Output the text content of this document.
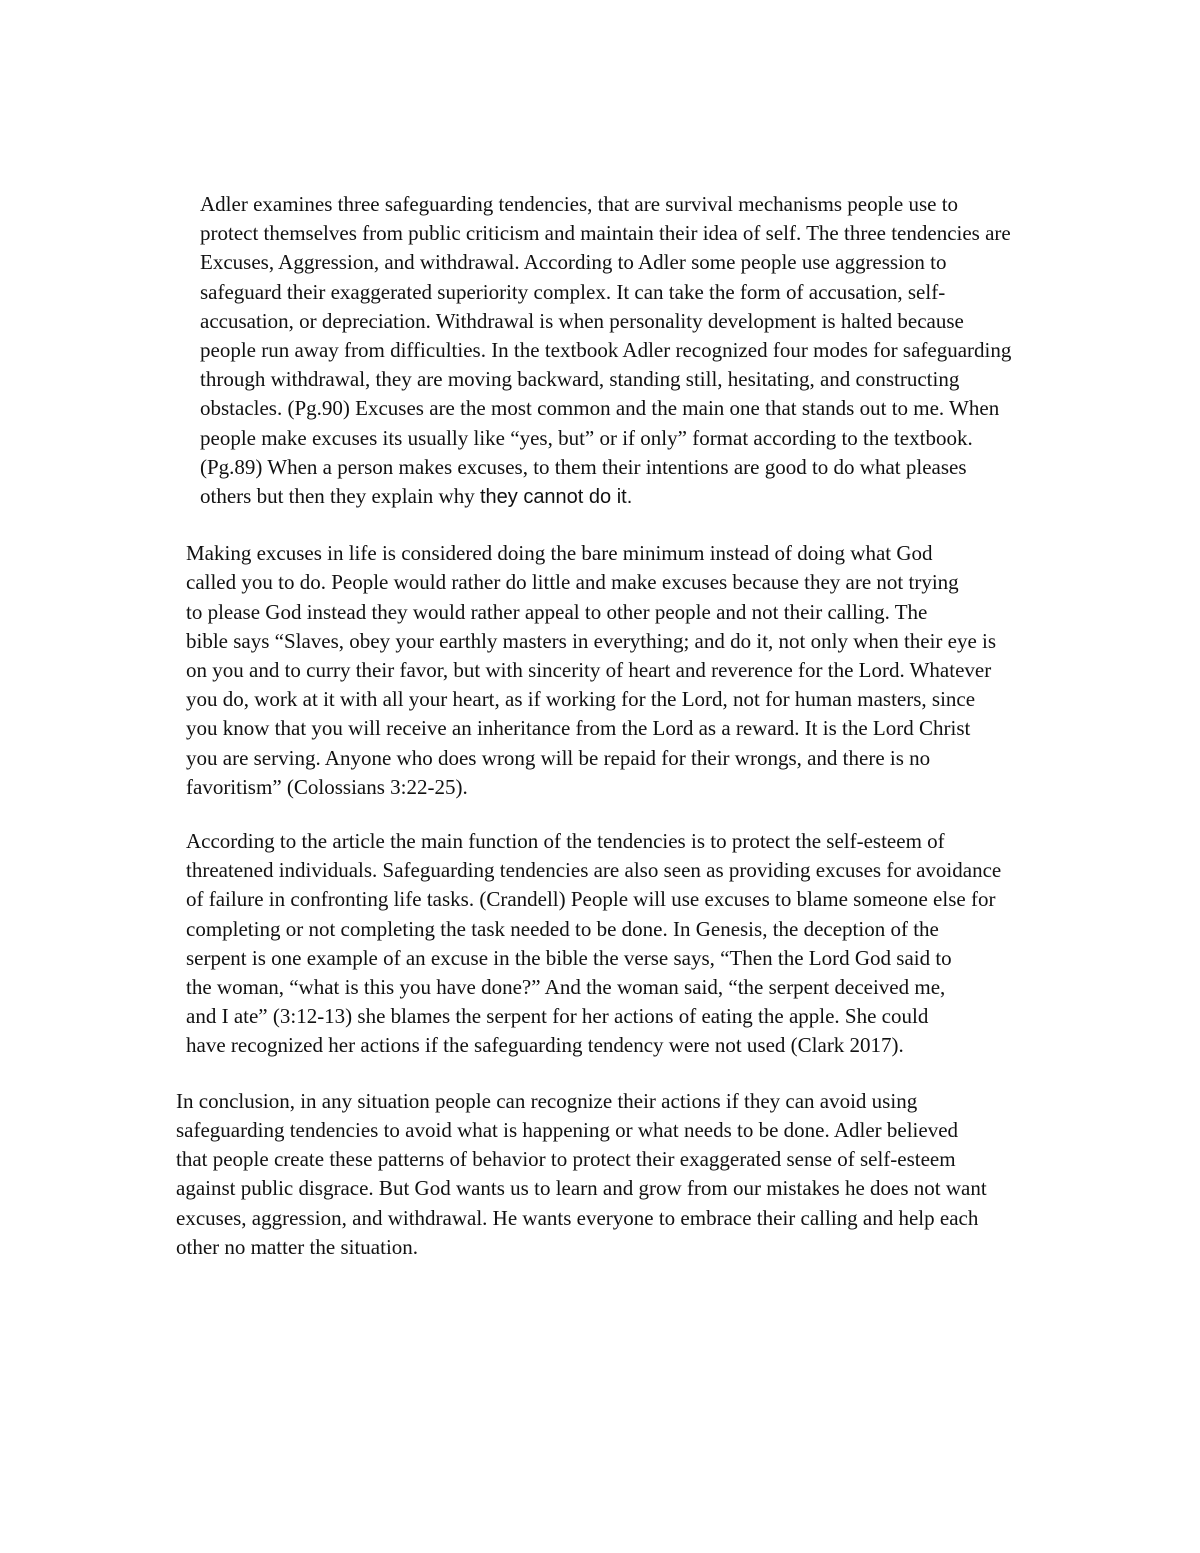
Adler examines three safeguarding tendencies, that are survival mechanisms people use to
protect themselves from public criticism and maintain their idea of self. The three tendencies are
Excuses, Aggression, and withdrawal. According to Adler some people use aggression to
safeguard their exaggerated superiority complex. It can take the form of accusation, self-
accusation, or depreciation. Withdrawal is when personality development is halted because
people run away from difficulties. In the textbook Adler recognized four modes for safeguarding
through withdrawal, they are moving backward, standing still, hesitating, and constructing
obstacles. (Pg.90) Excuses are the most common and the main one that stands out to me. When
people make excuses its usually like “yes, but” or if only” format according to the textbook.
(Pg.89) When a person makes excuses, to them their intentions are good to do what pleases
others but then they explain why they cannot do it.

Making excuses in life is considered doing the bare minimum instead of doing what God
called you to do. People would rather do little and make excuses because they are not trying
to please God instead they would rather appeal to other people and not their calling. The
bible says “Slaves, obey your earthly masters in everything; and do it, not only when their eye is
on you and to curry their favor, but with sincerity of heart and reverence for the Lord. Whatever
you do, work at it with all your heart, as if working for the Lord, not for human masters, since
you know that you will receive an inheritance from the Lord as a reward. It is the Lord Christ
you are serving. Anyone who does wrong will be repaid for their wrongs, and there is no
favoritism” (Colossians 3:22-25).

According to the article the main function of the tendencies is to protect the self-esteem of
threatened individuals. Safeguarding tendencies are also seen as providing excuses for avoidance
of failure in confronting life tasks. (Crandell) People will use excuses to blame someone else for
completing or not completing the task needed to be done. In Genesis, the deception of the
serpent is one example of an excuse in the bible the verse says, “Then the Lord God said to
the woman, “what is this you have done?” And the woman said, “the serpent deceived me,
and I ate” (3:12-13) she blames the serpent for her actions of eating the apple. She could
have recognized her actions if the safeguarding tendency were not used (Clark 2017).

In conclusion, in any situation people can recognize their actions if they can avoid using
safeguarding tendencies to avoid what is happening or what needs to be done. Adler believed
that people create these patterns of behavior to protect their exaggerated sense of self-esteem
against public disgrace. But God wants us to learn and grow from our mistakes he does not want
excuses, aggression, and withdrawal. He wants everyone to embrace their calling and help each
other no matter the situation.
